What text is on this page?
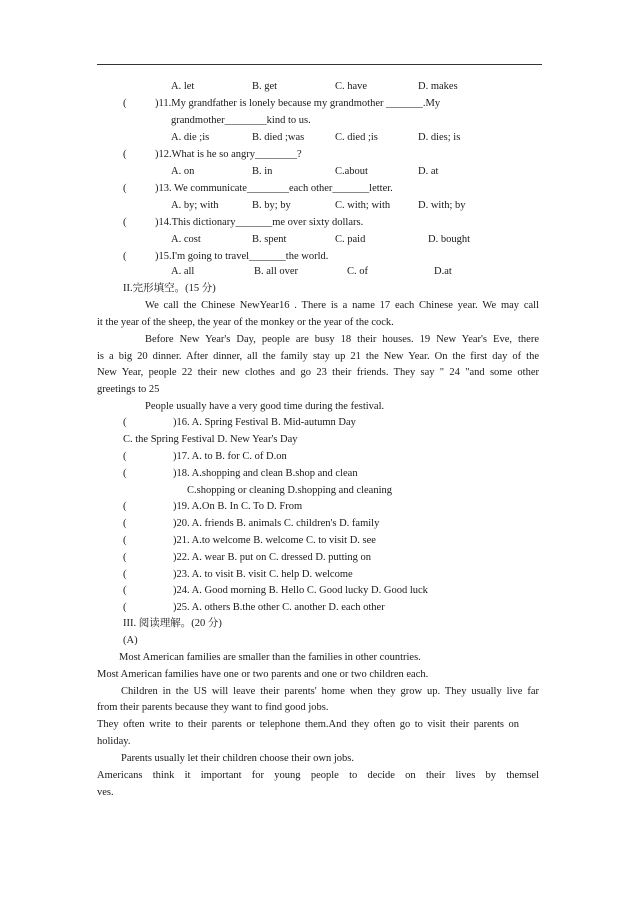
A. let	B. get	C. have	D. makes
(	)11.My grandfather is lonely because my grandmother _______.My
grandmother________kind to us.
A. die ;is	B. died ;was	C. died ;is	D. dies; is
(	)12.What is he so angry________?
A. on	B. in	C.about	D. at
(	)13. We communicate________each other_______letter.
A. by; with	B. by; by	C. with; with	D. with; by
(	)14.This dictionary_______me over sixty dollars.
A. cost	B. spent	C. paid	D. bought
(	)15.I'm going to travel_______the world.
A. all	B. all over	C. of	D.at
II.完形填空。(15 分)
We call the Chinese NewYear16 . There is a name 17 each Chinese year. We may call
it the year of the sheep, the year of the monkey or the year of the cock.
Before New Year's Day, people are busy 18 their houses. 19 New Year's Eve, there
is a big 20 dinner. After dinner, all the family stay up 21 the New Year. On the first day of the
New Year, people 22 their new clothes and go 23 their friends. They say " 24 "and some other
greetings to 25
People usually have a very good time during the festival.
(	)16. A. Spring Festival B. Mid-autumn Day
C. the Spring Festival D. New Year's Day
(	)17. A. to B. for C. of D.on
(	)18. A.shopping and clean B.shop and clean
C.shopping or cleaning D.shopping and cleaning
(	)19. A.On B. In C. To D. From
(	)20. A. friends B. animals C. children's D. family
(	)21. A.to welcome B. welcome C. to visit D. see
(	)22. A. wear B. put on C. dressed D. putting on
(	)23. A. to visit B. visit C. help D. welcome
(	)24. A. Good morning B. Hello C. Good lucky D. Good luck
(	)25. A. others B.the other C. another D. each other
III. 阅读理解。(20 分)
(A)
Most American families are smaller than the families in other countries.
Most American families have one or two parents and one or two children each.
Children in the US will leave their parents' home when they grow up. They usually live far
from their parents because they want to find good jobs.
They often write to their parents or telephone them.And they often go to visit their parents on
holiday.
Parents usually let their children choose their own jobs.
Americans think it important for young people to decide on their lives by themsel
ves.
